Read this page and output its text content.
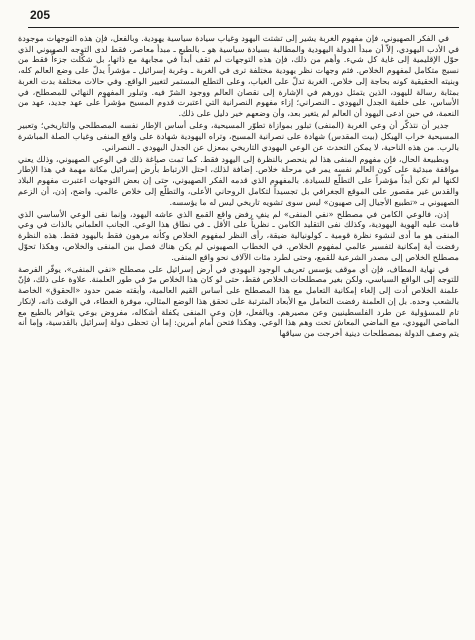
205

في الفكر الصهيوني، فإن مفهوم الغربة يشير إلى تشتت اليهود وغياب سيادة سياسية يهودية. وبالفعل، فإن هذه التوجهات موجودة في الأدب اليهودي، إلاّ أن مبدأ الدولة اليهودية والمطالبة بسيادة سياسية هو ـ بالطبع ـ مبدأ معاصر، فقط لدى التوجه الصهيوني الذي حوّل الإقليمية إلى غاية كل شيء. وأهم من ذلك، فإن هذه التوجهات لم تقف أبداً في مجابهة مع ذاتها، بل شكّلت جزءاً فقط من نسيج متكامل لمفهوم الخلاص. فثم وجهات نظر يهودية مختلفة ترى في الغربة ـ وغربة إسرائيل ـ مؤشراً يدلّ على وضع العالم كله، وبنيته الحقيقية كونه بحاجة إلى خلاص. الغربة تدلّ على الغياب، وعلى التطلع المستمر لتغيير الواقع. وفي حالات مختلفة بدت الغربة بمثابة رسالة لليهود، الذين يتمثل دورهم في الإشارة إلى نقصان العالم ووجود الشرّ فيه. وتبلور المفهوم النهائي للمصطلح، في الأساس، على خلفية الجدل اليهودي ـ النصراني؛ إزاء مفهوم النصرانية التي اعتبرت قدوم المسيح مؤشراً على عهد جديد، عهد من النعمة، في حين ادعى اليهود أن العالم لم يتغير بعد، وأن وضعهم خير دليل على ذلك.

جدير أن نتذكّر أن وعي الغربة (المنفى) تبلور بموازاة تطوّر المسيحية، وعلى أساس الإطار نفسه المصطلحي والتاريخي؛ وتعبير المسيحية خراب الهيكل (بيت المقدس) شهادة على نصرانية المسيح، وتراه اليهودية شهادة على واقع المنفى وغياب الصلة المباشرة بالرب. من هذه الناحية، لا يمكن التحدث عن الوعي اليهودي التاريخي بمعزل عن الجدل اليهودي ـ النصراني.

وبطبيعة الحال، فإن مفهوم المنفى هذا لم ينحصر بالنظرة إلى اليهود فقط. كما تمت صياغة ذلك في الوعي الصهيوني، وذلك يعني مواقفة مبدئية على كون العالم نفسه يمر في مرحلة خلاص. إضافة لذلك، احتل الارتباط بأرض إسرائيل مكانة مهمة في هذا الإطار لكنها لم تكن أبداً مؤشراً على التطلّع للسيادة. بالمفهوم الذي قدمه الفكر الصهيوني، حتى إن بعض التوجهات اعتبرت مفهوم البلاد والقدس غير مقصور على الموقع الجغرافي بل تجسيداً لتكامل الروحاني الأعلى، والتطلّع إلى خلاص عالمي. واضح، إذن، أن الزعم الصهيوني بـ «تطبيع الأجيال إلى صهيون» ليس سوى تشويه تاريخي ليس له ما يؤسسه.

إذن، فالوعي الكامن في مصطلح «نفي المنفى» لم ينفِ رفض واقع القمع الذي عاشه اليهود، وإنما نفى الوعي الأساسي الذي قامت عليه الهوية اليهودية، وكذلك نفى التقليد الكامن ـ نظرياً على الأقل ـ في نطاق هذا الوعي. الجانب العلماني بالذات في وعي المنفى هو ما أدى لنشوء نظرة قومية ـ كولونيالية ضيقة، رأى النظر لمفهوم الخلاص وكأنه مرهون فقط باليهود فقط. هذه النظرة رفضت أية إمكانية لتفسير عالمي لمفهوم الخلاص. في الخطاب الصهيوني لم يكن هناك فصل بين المنفى والخلاص، وهكذا تحوّل مصطلح الخلاص إلى مصدر الشرعية للقمع، وحتى لطرد مئات الآلاف نحو واقع المنفى.

في نهاية المطاف، فإن أي موقف يؤسس تعريف الوجود اليهودي في أرض إسرائيل على مصطلح «نفي المنفى»، يوفّر الفرصة للتوجه إلى الواقع السياسي، ولكن بغير مصطلحات الخلاص فقط، حتى لو كان هذا الخلاص مرّ في طور العلمنة. علاوة على ذلك، فإنّ علمنة الخلاص أدت إلى إلغاء إمكانية التعامل مع هذا المصطلح على أساس القيم العالمية، وأبقته ضمن حدود «الحقوق» الخاصة بالشعب وحده. بل إن العلمنة رفضت التعامل مع الأبعاد المترتبة على تحقق هذا الوضع المثالي، موفرة الغطاء، في الوقت ذاته، لإنكار تام للمسؤولية عن طرد الفلسطينيين وعن مصيرهم. وبالفعل، فإن وعي المنفى يكفلة أشكاله، مفروض بوعي يتوافر بالطبع مع الماضي اليهودي، مع الماضي المعاش تحت وهم هذا الوعي. وهكذا فتحن أمام أمرين: إما أن تحظى دولة إسرائيل بالقدسية، وإما أنه يتم وصف الدولة بمصطلحات دينية أخرجت من سياقها
